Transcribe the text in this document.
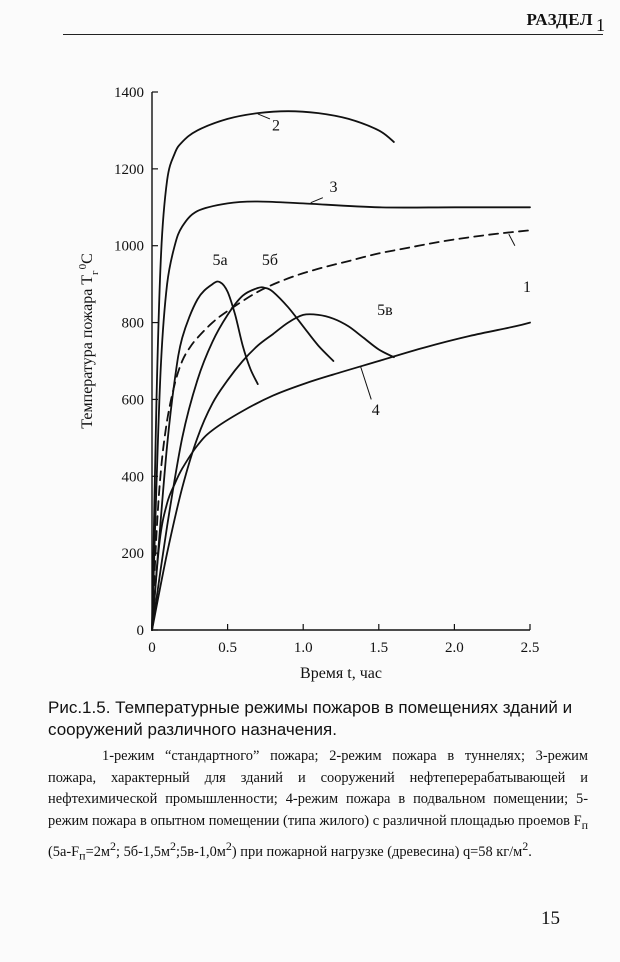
РАЗДЕЛ 1
0
200
400
600
800
1000
1200
1400
0	0.5	1.0	1.5	2.0	2.5
Время t, час
Температура пожара $T_г^0С$
1
2
3
4
5а 5б
5в
Рис.1.5. Температурные режимы пожаров в помещениях зданий и сооружений различного назначения.
1-режим “стандартного” пожара; 2-режим пожара в туннелях; 3-режим пожара, характерный для зданий и сооружений нефтеперерабатывающей и нефтехимической промышленности; 4-режим пожара в подвальном помещении; 5-режим пожара в опытном помещении (типа жилого) с различной площадью проемов $F_п$ ($5а-F_п=2м^2$; $5б-1,5м^2;5в-1,0м^2$) при пожарной нагрузке (древесина) q=58 $кг/м^2$.
15
